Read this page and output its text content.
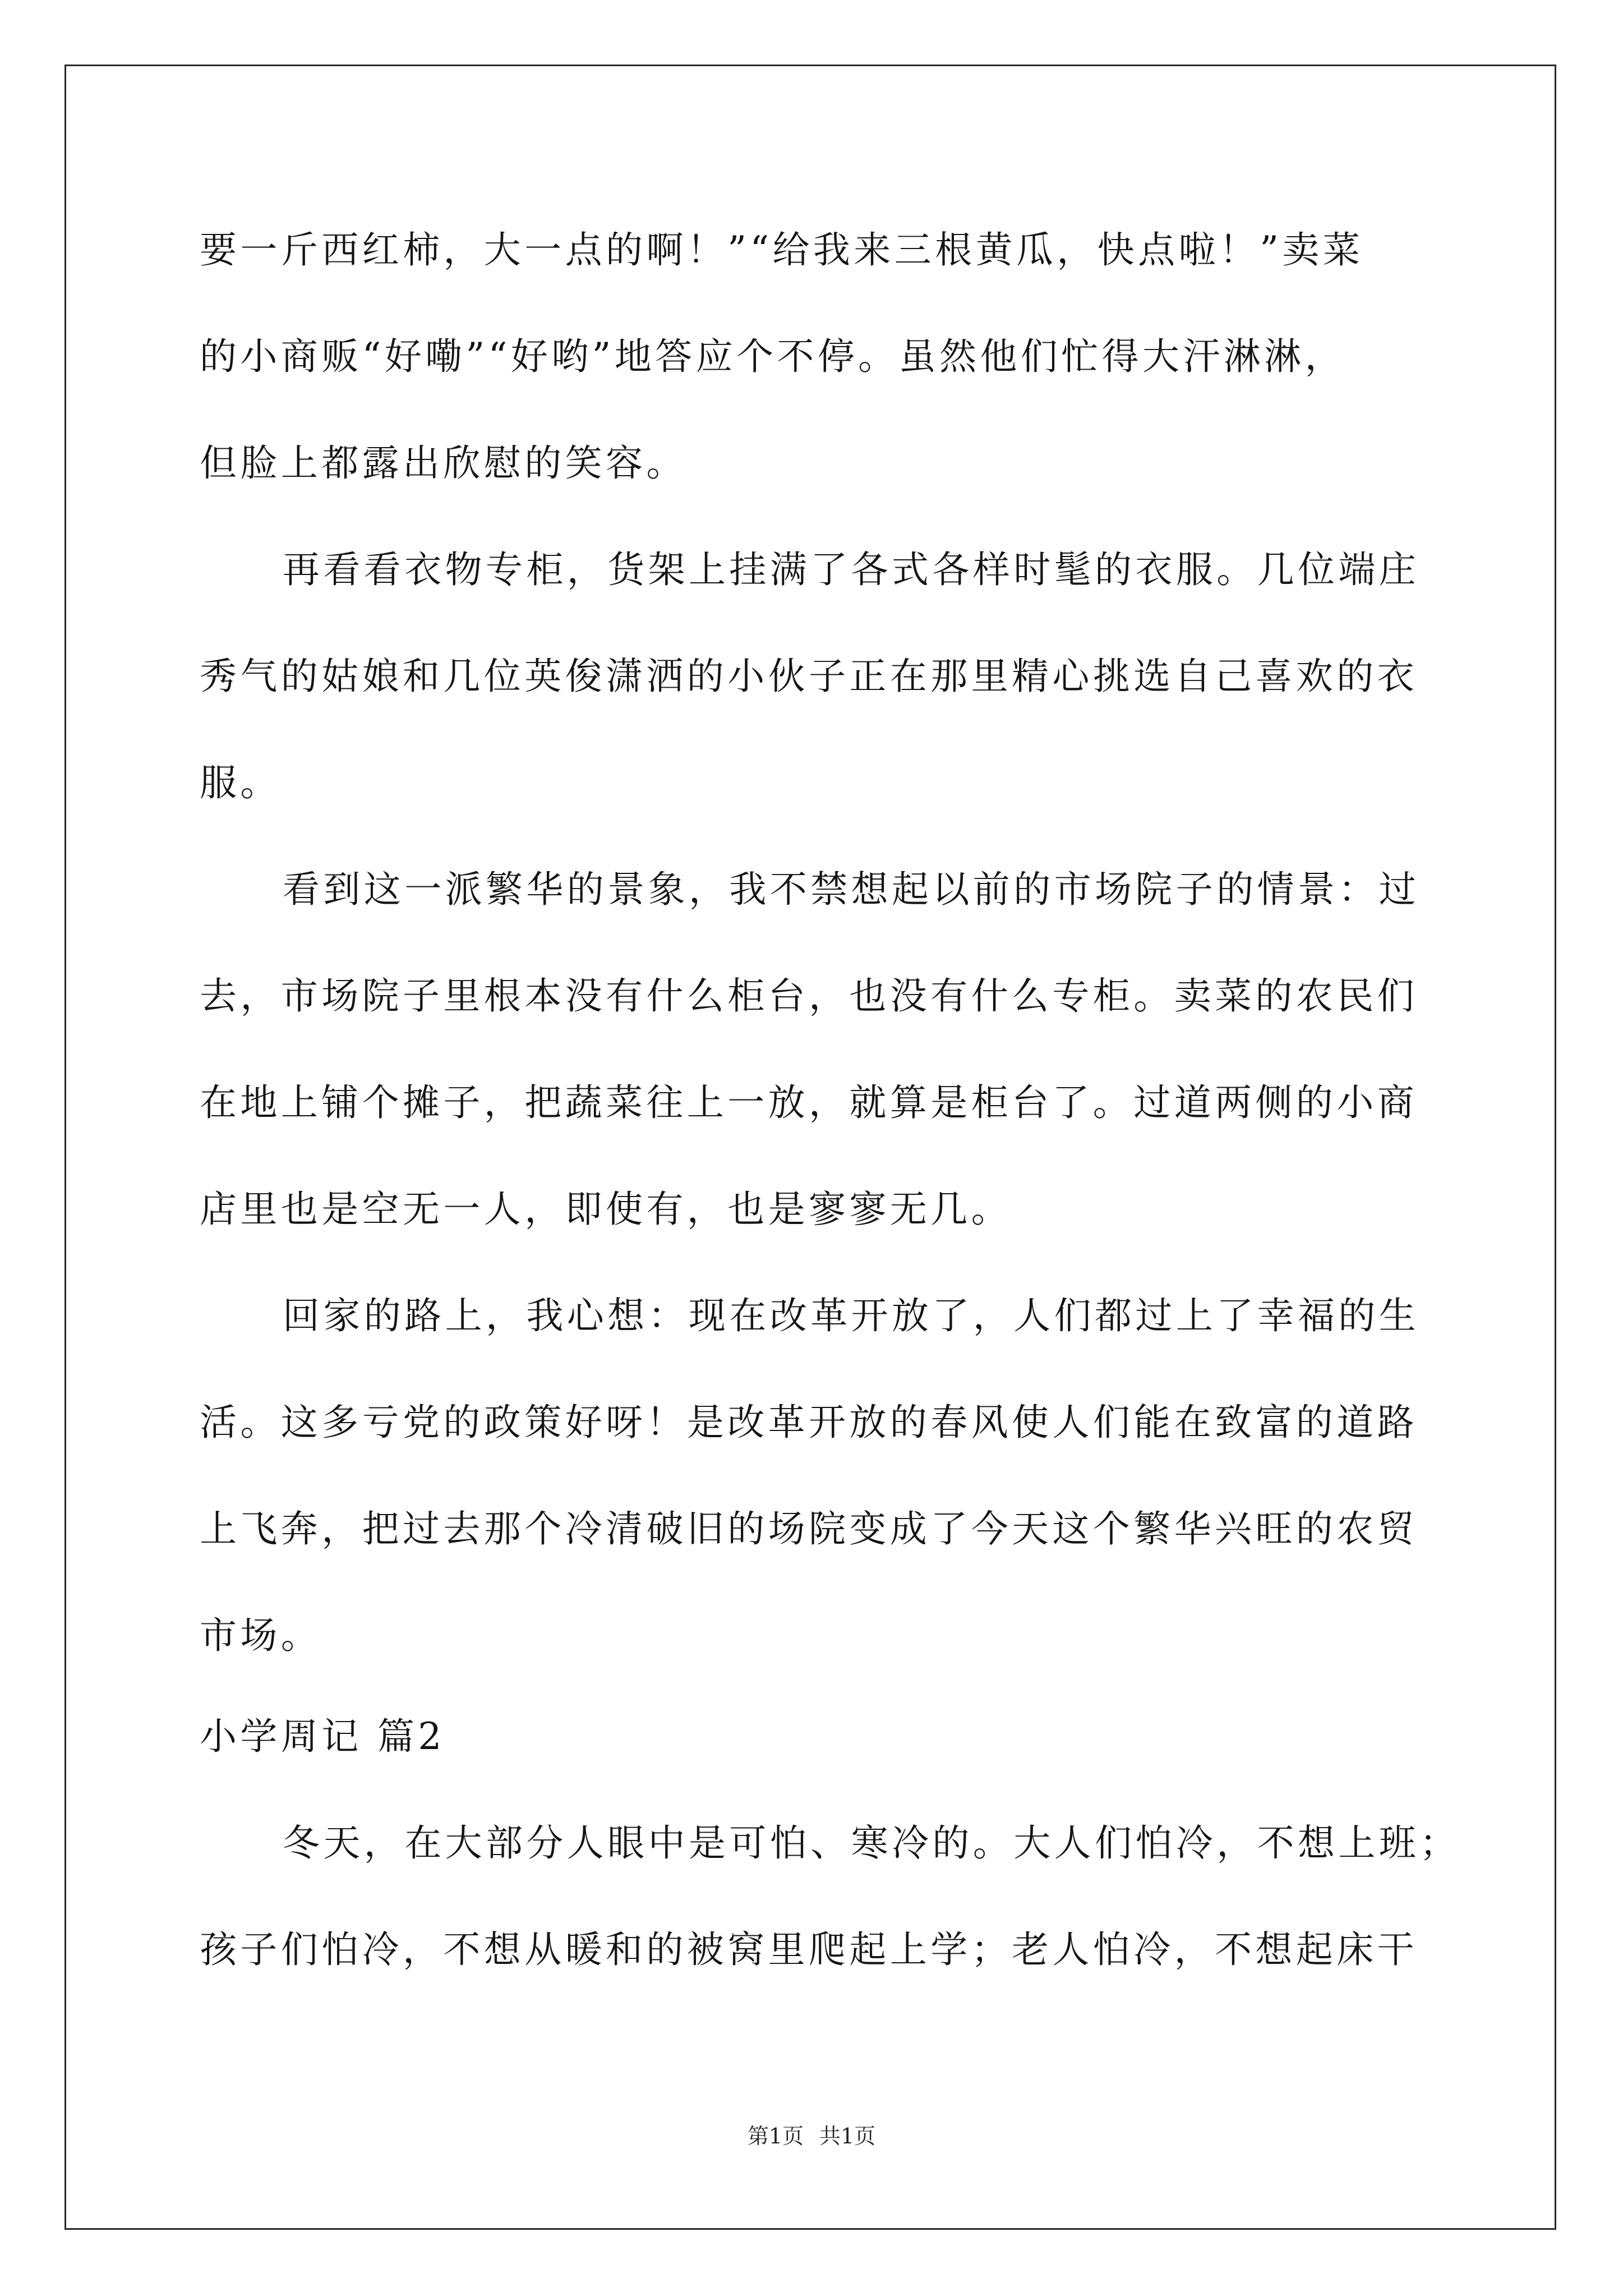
要一斤西红柿，大一点的啊！”“给我来三根黄瓜，快点啦！”卖菜
的小商贩“好嘞”“好哟”地答应个不停。虽然他们忙得大汗淋淋，
但脸上都露出欣慰的笑容。
再看看衣物专柜，货架上挂满了各式各样时髦的衣服。几位端庄
秀气的姑娘和几位英俊潇洒的小伙子正在那里精心挑选自己喜欢的衣
服。
看到这一派繁华的景象，我不禁想起以前的市场院子的情景：过
去，市场院子里根本没有什么柜台，也没有什么专柜。卖菜的农民们
在地上铺个摊子，把蔬菜往上一放，就算是柜台了。过道两侧的小商
店里也是空无一人，即使有，也是寥寥无几。
回家的路上，我心想：现在改革开放了，人们都过上了幸福的生
活。这多亏党的政策好呀！是改革开放的春风使人们能在致富的道路
上飞奔，把过去那个冷清破旧的场院变成了今天这个繁华兴旺的农贸
市场。
小学周记 篇2
冬天，在大部分人眼中是可怕、寒冷的。大人们怕冷，不想上班；
孩子们怕冷，不想从暖和的被窝里爬起上学；老人怕冷，不想起床干
第1页 共1页
